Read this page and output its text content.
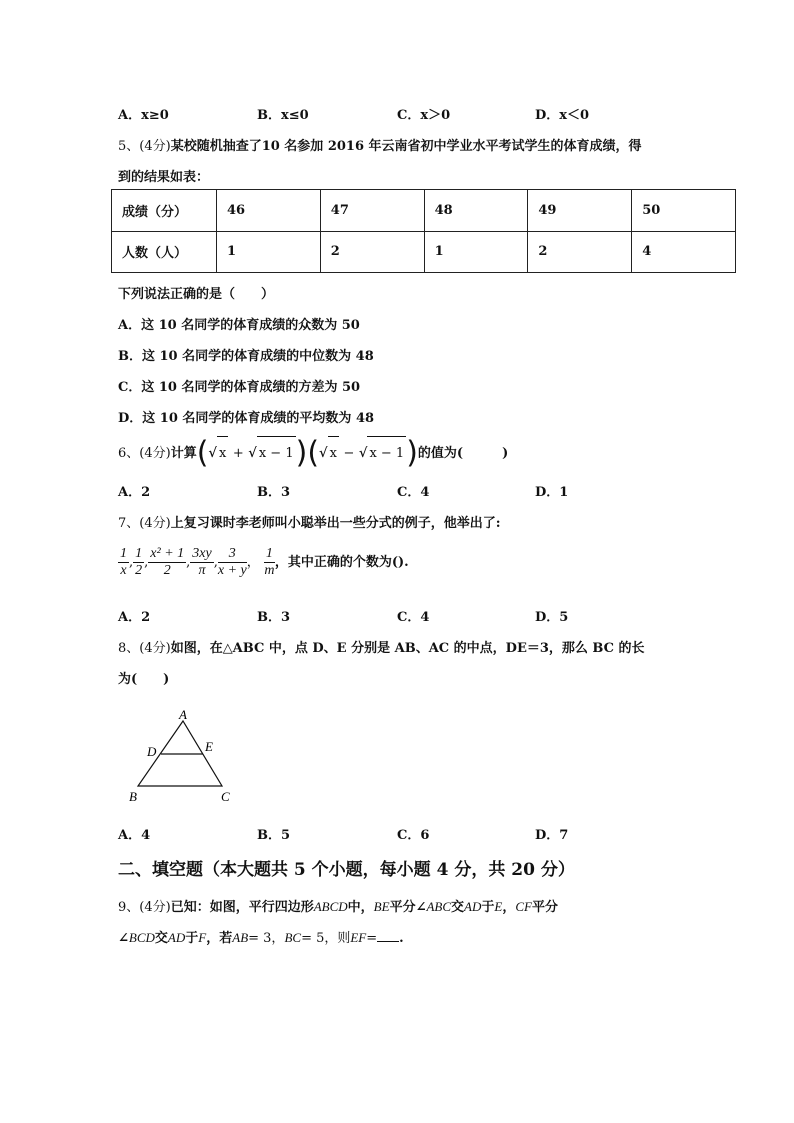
A．x≥0	B．x≤0	C．x＞0	D．x＜0
5、(4分)某校随机抽查了10 名参加 2016 年云南省初中学业水平考试学生的体育成绩，得
到的结果如表：
成绩（分）	46	47	48	49	50
人数（人）	1	2	1	2	4
下列说法正确的是（　　）
A．这 10 名同学的体育成绩的众数为 50
B．这 10 名同学的体育成绩的中位数为 48
C．这 10 名同学的体育成绩的方差为 50
D．这 10 名同学的体育成绩的平均数为 48
6、(4分)计算(√ x + √ x − 1)(√ x − √ x − 1)的值为(　　　)
A．2	B．3	C．4	D．1
7、(4分)上复习课时李老师叫小聪举出一些分式的例子，他举出了:
$\frac{1}{x}$ , $\frac{1}{2}$ , $\frac{\text{x² + 1}}{2}$ , $\frac{3xy}{\pi}$ , $\frac{3}{x + y}$ ， $\frac{1}{m}$ ，其中正确的个数为().
A．2	B．3	C．4	D．5
8、(4分)如图，在△ABC 中，点 D、E 分别是 AB、AC 的中点，DE＝3，那么 BC 的长
为(　　)
A
D	E
B	C
A．4	B．5	C．6	D．7
二、填空题（本大题共 5 个小题，每小题 4 分，共 20 分）
9、(4分)已知：如图，平行四边形ABCD中，BE平分∠ABC交AD于E，CF平分
∠BCD交AD于F，若AB= 3，BC= 5，则EF= .
